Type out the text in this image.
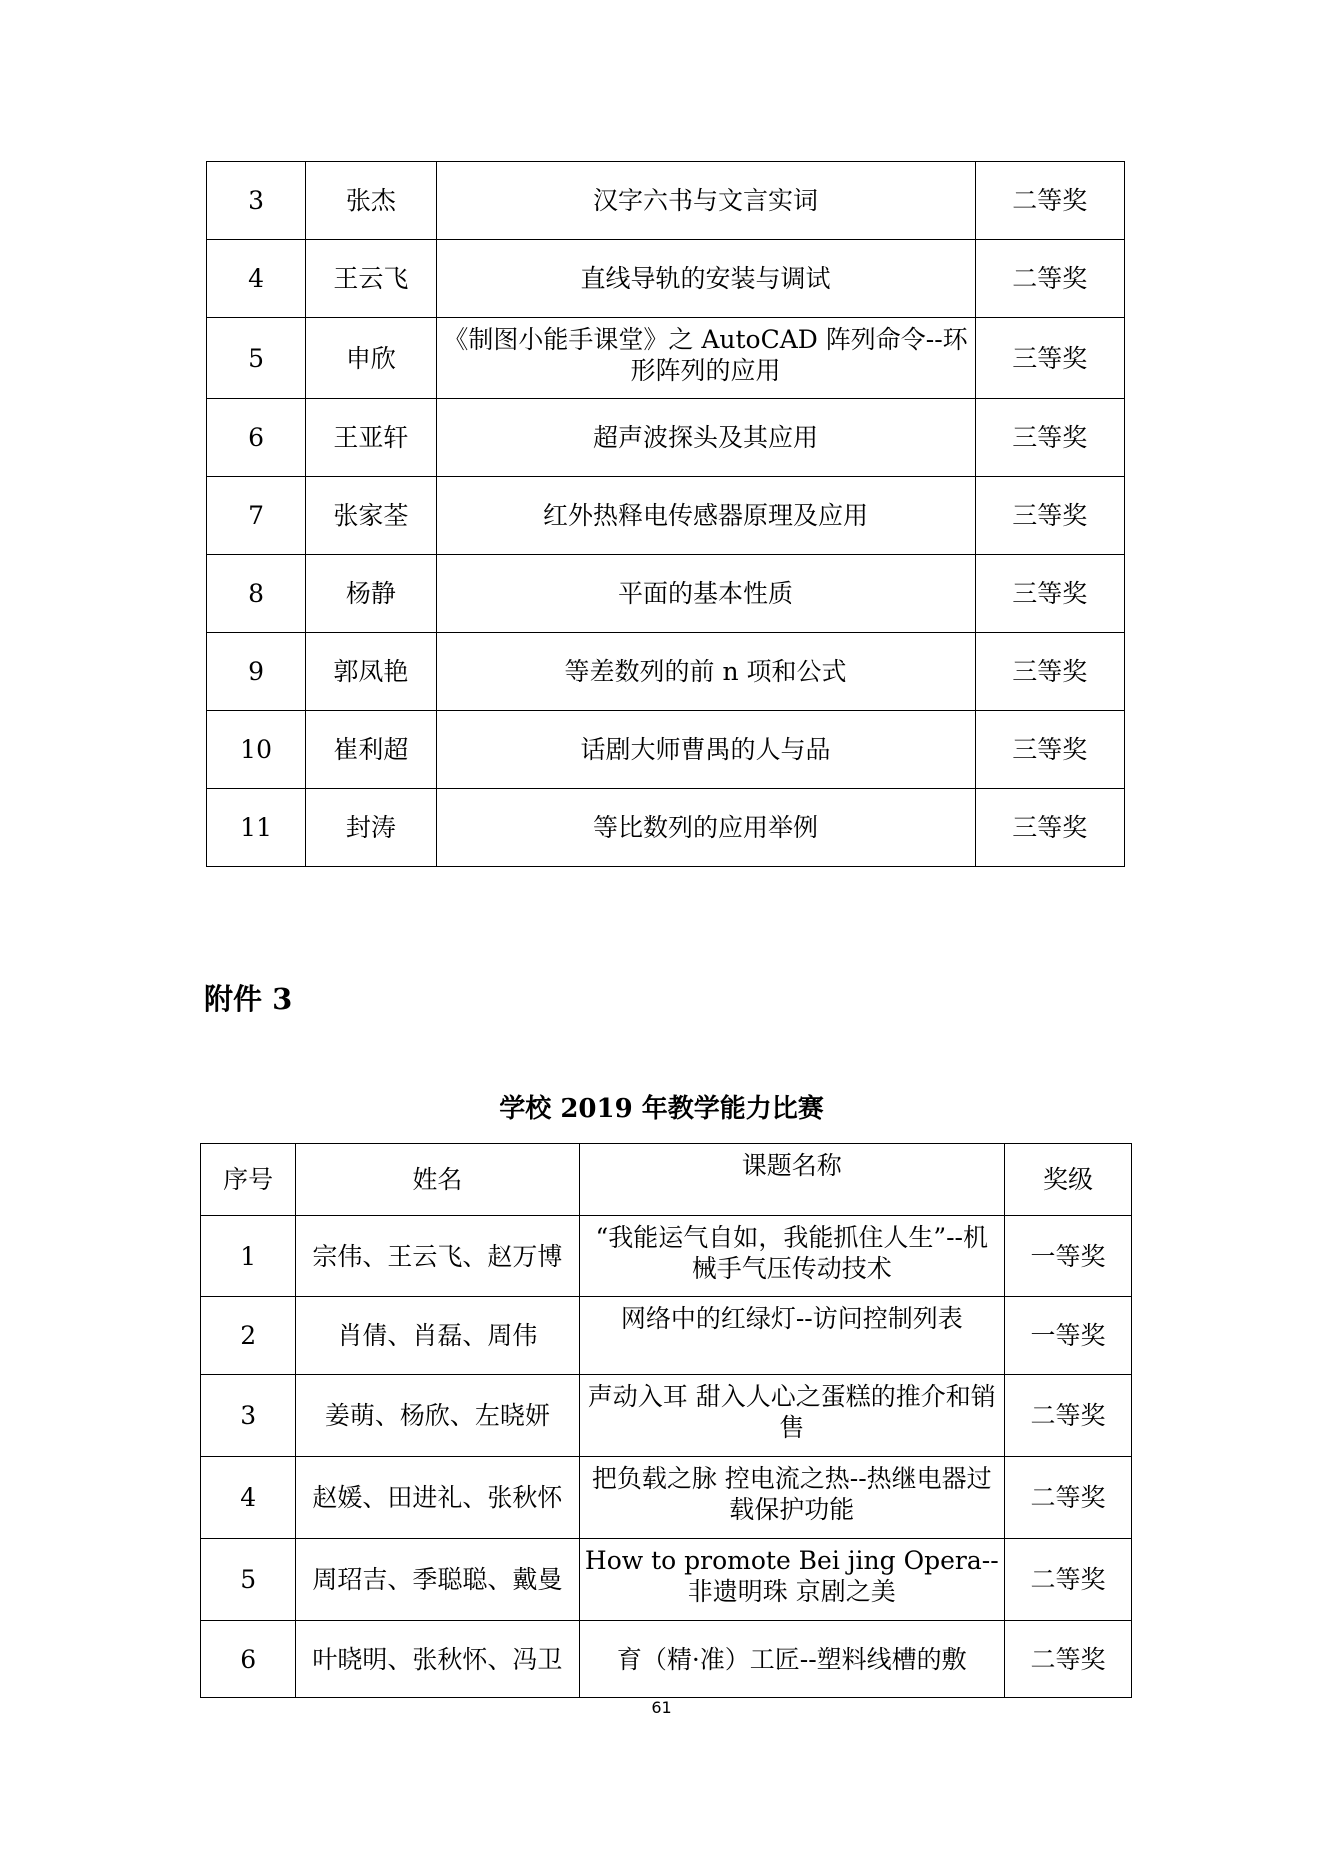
3	张杰	汉字六书与文言实词	二等奖
4	王云飞	直线导轨的安装与调试	二等奖
5	申欣	《制图小能手课堂》之 AutoCAD 阵列命令--环形阵列的应用	三等奖
6	王亚轩	超声波探头及其应用	三等奖
7	张家荃	红外热释电传感器原理及应用	三等奖
8	杨静	平面的基本性质	三等奖
9	郭凤艳	等差数列的前 n 项和公式	三等奖
10	崔利超	话剧大师曹禺的人与品	三等奖
11	封涛	等比数列的应用举例	三等奖
附件 3
学校 2019 年教学能力比赛
序号	姓名	课题名称	奖级
1	宗伟、王云飞、赵万博	“我能运气自如，我能抓住人生”--机械手气压传动技术	一等奖
2	肖倩、肖磊、周伟	网络中的红绿灯--访问控制列表	一等奖
3	姜萌、杨欣、左晓妍	声动入耳 甜入人心之蛋糕的推介和销售	二等奖
4	赵媛、田进礼、张秋怀	把负载之脉 控电流之热--热继电器过载保护功能	二等奖
5	周玿吉、季聪聪、戴曼	How to promote Bei jing Opera--非遗明珠 京剧之美	二等奖
6	叶晓明、张秋怀、冯卫	育（精·准）工匠--塑料线槽的敷	二等奖
61
